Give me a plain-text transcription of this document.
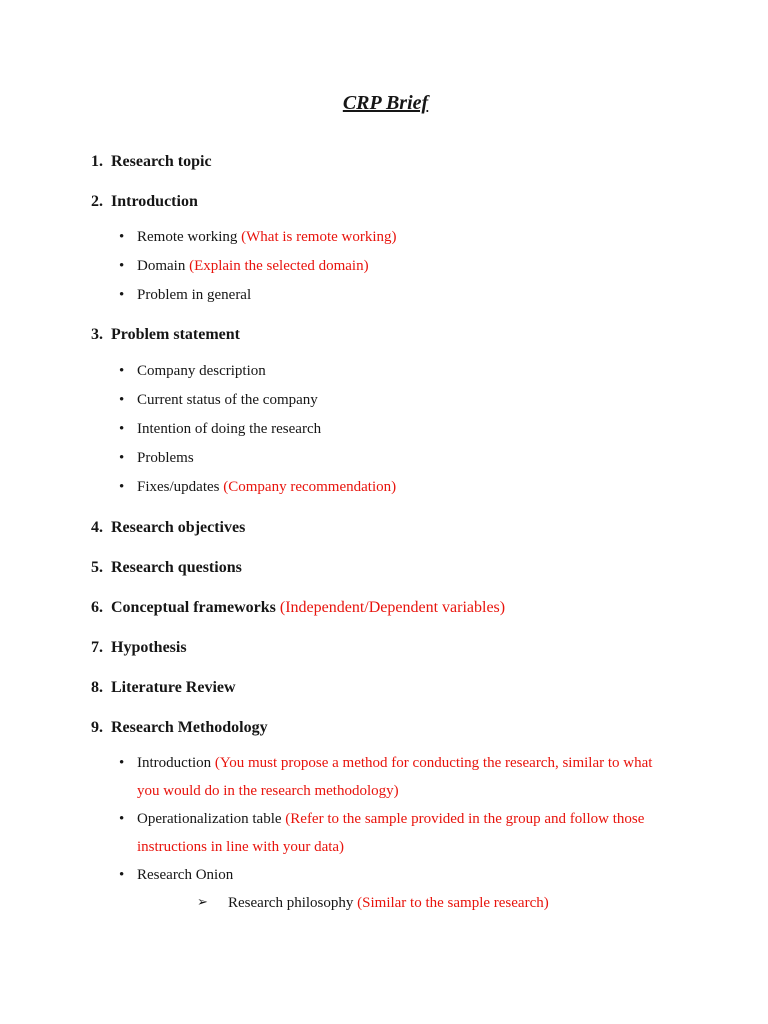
CRP Brief
1. Research topic
2. Introduction
• Remote working (What is remote working)
• Domain (Explain the selected domain)
• Problem in general
3. Problem statement
• Company description
• Current status of the company
• Intention of doing the research
• Problems
• Fixes/updates (Company recommendation)
4. Research objectives
5. Research questions
6. Conceptual frameworks (Independent/Dependent variables)
7. Hypothesis
8. Literature Review
9. Research Methodology
• Introduction (You must propose a method for conducting the research, similar to what you would do in the research methodology)
• Operationalization table (Refer to the sample provided in the group and follow those instructions in line with your data)
• Research Onion
➢ Research philosophy (Similar to the sample research)
